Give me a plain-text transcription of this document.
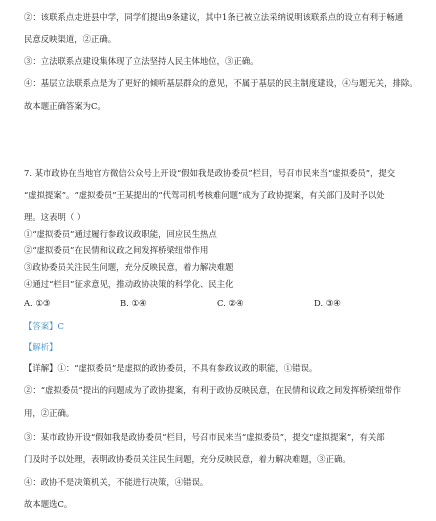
②：该联系点走进县中学，同学们提出9条建议，其中1条已被立法采纳说明该联系点的设立有利于畅通
民意反映渠道，②正确。
③：立法联系点建设集体现了立法坚持人民主体地位，③正确。
④：基层立法联系点是为了更好的倾听基层群众的意见，不属于基层的民主制度建设，④与题无关，排除。
故本题正确答案为C。
7. 某市政协在当地官方微信公众号上开设“假如我是政协委员”栏目，号召市民来当“虚拟委员”，提交
“虚拟提案”。“虚拟委员”王某提出的“代驾司机考核难问题”成为了政协提案，有关部门及时予以处
理。这表明（ ）
①“虚拟委员”通过履行参政议政职能，回应民生热点
②“虚拟委员”在民情和议政之间发挥桥梁纽带作用
③政协委员关注民生问题，充分反映民意，着力解决难题
④通过“栏目”征求意见，推动政协决策的科学化、民主化
A. ①③	B. ①④	C. ②④	D. ③④
【答案】C
【解析】
【详解】①：“虚拟委员”是虚拟的政协委员，不具有参政议政的职能，①错误。
②：“虚拟委员”提出的问题成为了政协提案，有利于政协反映民意，在民情和议政之间发挥桥梁纽带作
用，②正确。
③：某市政协开设“假如我是政协委员”栏目，号召市民来当“虚拟委员”，提交“虚拟提案”，有关部
门及时予以处理，表明政协委员关注民生问题，充分反映民意，着力解决难题，③正确。
④：政协不是决策机关，不能进行决策，④错误。
故本题选C。
